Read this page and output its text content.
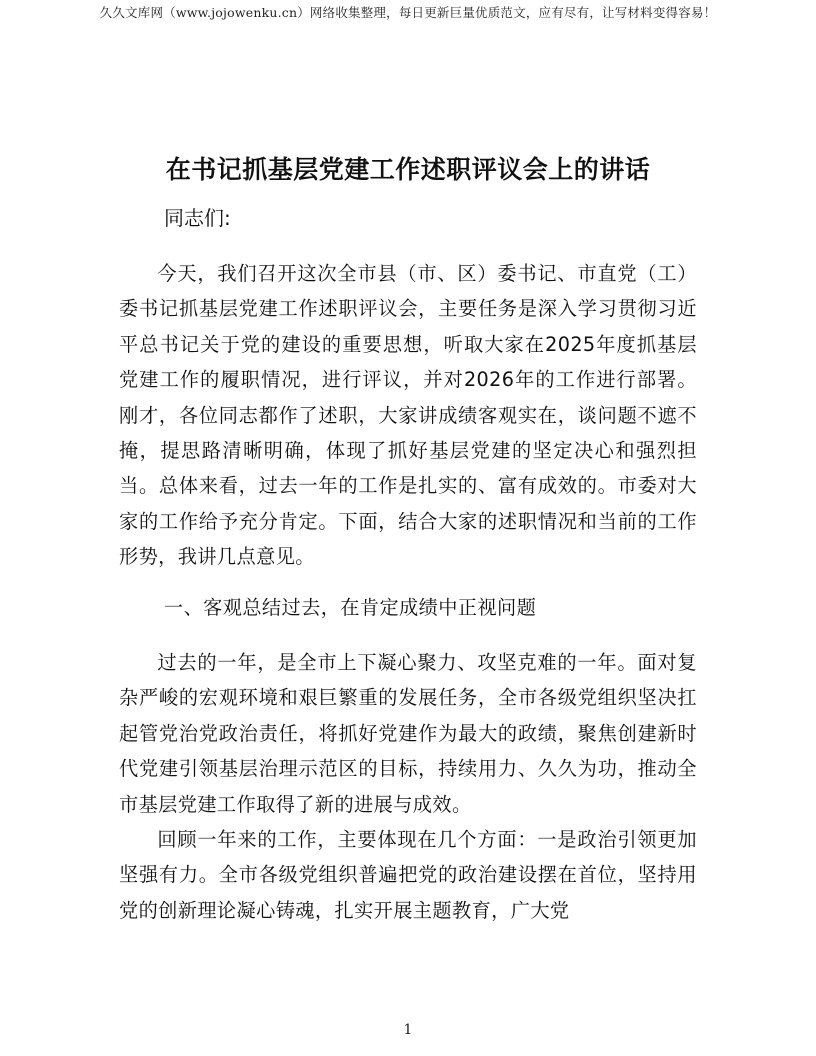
久久文库网（www.jojowenku.cn）网络收集整理，每日更新巨量优质范文，应有尽有，让写材料变得容易！
在书记抓基层党建工作述职评议会上的讲话
同志们:

今天，我们召开这次全市县（市、区）委书记、市直党（工）委书记抓基层党建工作述职评议会，主要任务是深入学习贯彻习近平总书记关于党的建设的重要思想，听取大家在2025年度抓基层党建工作的履职情况，进行评议，并对2026年的工作进行部署。刚才，各位同志都作了述职，大家讲成绩客观实在，谈问题不遮不掩，提思路清晰明确，体现了抓好基层党建的坚定决心和强烈担当。总体来看，过去一年的工作是扎实的、富有成效的。市委对大家的工作给予充分肯定。下面，结合大家的述职情况和当前的工作形势，我讲几点意见。

一、客观总结过去，在肯定成绩中正视问题

过去的一年，是全市上下凝心聚力、攻坚克难的一年。面对复杂严峻的宏观环境和艰巨繁重的发展任务，全市各级党组织坚决扛起管党治党政治责任，将抓好党建作为最大的政绩，聚焦创建新时代党建引领基层治理示范区的目标，持续用力、久久为功，推动全市基层党建工作取得了新的进展与成效。

回顾一年来的工作，主要体现在几个方面：一是政治引领更加坚强有力。全市各级党组织普遍把党的政治建设摆在首位，坚持用党的创新理论凝心铸魂，扎实开展主题教育，广大党

1
